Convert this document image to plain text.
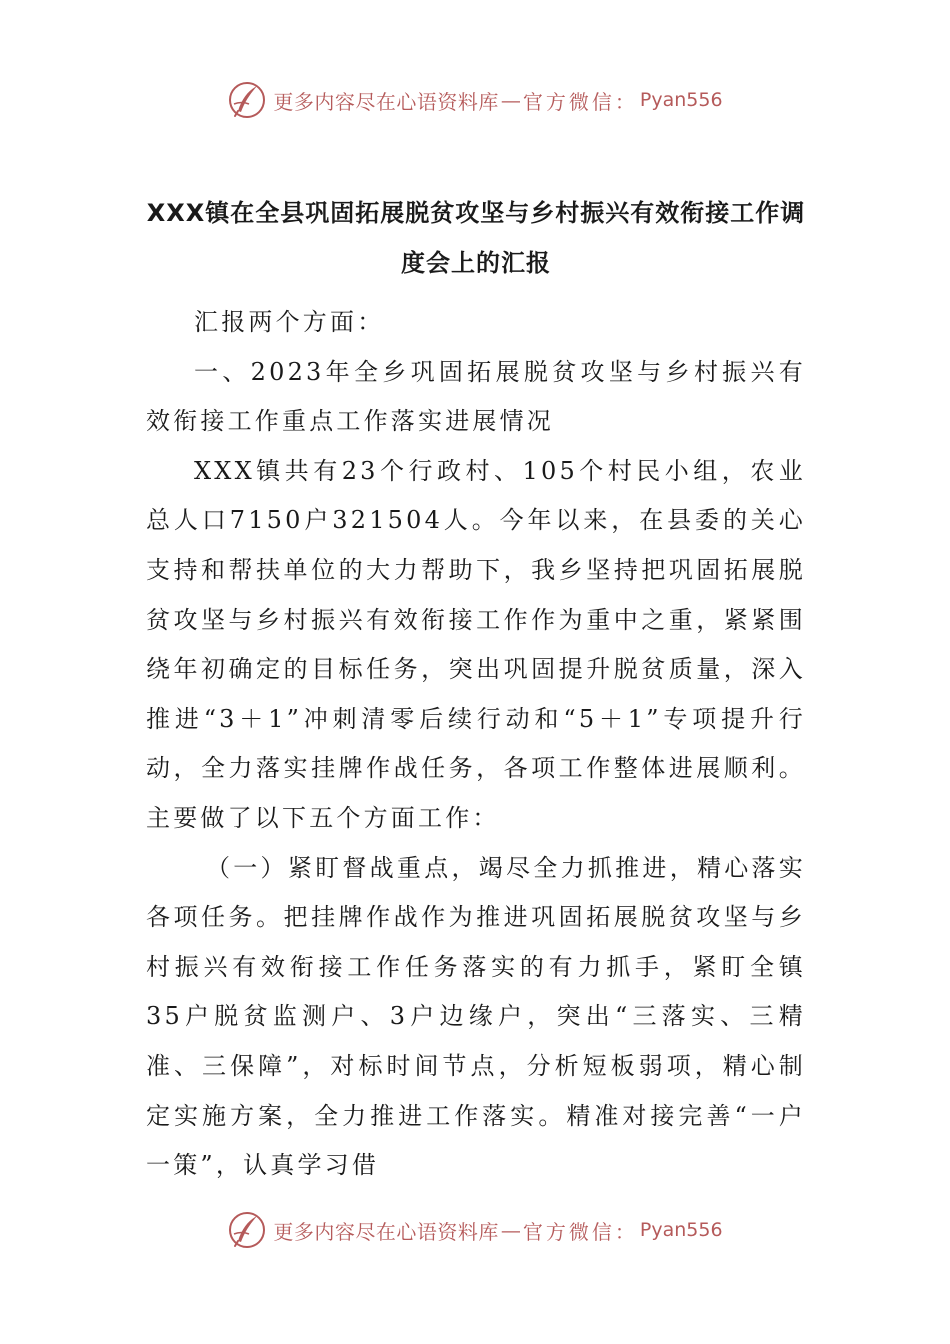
更多内容尽在心语资料库 — 官方微信： Pyan556
XXX镇在全县巩固拓展脱贫攻坚与乡村振兴有效衔接工作调度会上的汇报

汇报两个方面：

一、2023年全乡巩固拓展脱贫攻坚与乡村振兴有效衔接工作重点工作落实进展情况

XXX镇共有23个行政村、105个村民小组，农业总人口7150户321504人。今年以来，在县委的关心支持和帮扶单位的大力帮助下，我乡坚持把巩固拓展脱贫攻坚与乡村振兴有效衔接工作作为重中之重，紧紧围绕年初确定的目标任务，突出巩固提升脱贫质量，深入推进“3＋1”冲刺清零后续行动和“5＋1”专项提升行动，全力落实挂牌作战任务，各项工作整体进展顺利。主要做了以下五个方面工作：

（一）紧盯督战重点，竭尽全力抓推进，精心落实各项任务。把挂牌作战作为推进巩固拓展脱贫攻坚与乡村振兴有效衔接工作任务落实的有力抓手，紧盯全镇35户脱贫监测户、3户边缘户，突出“三落实、三精准、三保障”，对标时间节点，分析短板弱项，精心制定实施方案，全力推进工作落实。精准对接完善“一户一策”，认真学习借

更多内容尽在心语资料库 — 官方微信： Pyan556
